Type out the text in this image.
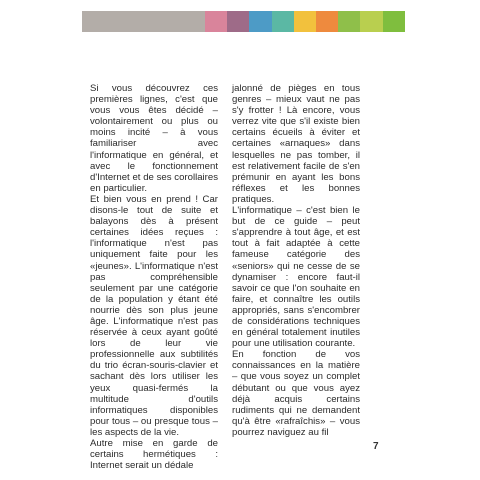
Si vous découvrez ces premières lignes, c'est que vous vous êtes décidé – volontairement ou plus ou moins incité – à vous familiariser avec l'informatique en général, et avec le fonctionnement d'Internet et de ses corollaires en particulier.

Et bien vous en prend ! Car disons-le tout de suite et balayons dès à présent certaines idées reçues : l'informatique n'est pas uniquement faite pour les «jeunes». L'informatique n'est pas compréhensible seulement par une catégorie de la population y étant été nourrie dès son plus jeune âge. L'informatique n'est pas réservée à ceux ayant goûté lors de leur vie professionnelle aux subtilités du trio écran-souris-clavier et sachant dès lors utiliser les yeux quasi-fermés la multitude d'outils informatiques disponibles pour tous – ou presque tous – les aspects de la vie.

Autre mise en garde de certains hermétiques : Internet serait un dédale

jalonné de pièges en tous genres – mieux vaut ne pas s'y frotter ! Là encore, vous verrez vite que s'il existe bien certains écueils à éviter et certaines «arnaques» dans lesquelles ne pas tomber, il est relativement facile de s'en prémunir en ayant les bons réflexes et les bonnes pratiques.

L'informatique – c'est bien le but de ce guide – peut s'apprendre à tout âge, et est tout à fait adaptée à cette fameuse catégorie des «seniors» qui ne cesse de se dynamiser : encore faut-il savoir ce que l'on souhaite en faire, et connaître les outils appropriés, sans s'encombrer de considérations techniques en général totalement inutiles pour une utilisation courante.

En fonction de vos connaissances en la matière – que vous soyez un complet débutant ou que vous ayez déjà acquis certains rudiments qui ne demandent qu'à être «rafraîchis» – vous pourrez naviguez au fil

7
